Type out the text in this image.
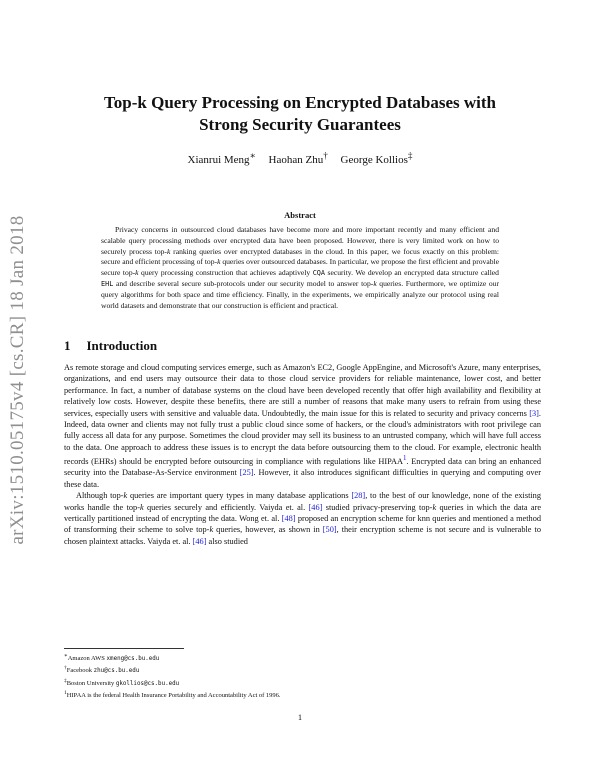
arXiv:1510.05175v4 [cs.CR] 18 Jan 2018
Top-k Query Processing on Encrypted Databases with
Strong Security Guarantees
Xianrui Meng∗ Haohan Zhu† George Kollios‡
Abstract

Privacy concerns in outsourced cloud databases have become more and more important recently and many efficient and scalable query processing methods over encrypted data have been proposed. However, there is very limited work on how to securely process top-k ranking queries over encrypted databases in the cloud. In this paper, we focus exactly on this problem: secure and efficient processing of top-k queries over outsourced databases. In particular, we propose the first efficient and provable secure top-k query processing construction that achieves adaptively CQA security. We develop an encrypted data structure called EHL and describe several secure sub-protocols under our security model to answer top-k queries. Furthermore, we optimize our query algorithms for both space and time efficiency. Finally, in the experiments, we empirically analyze our protocol using real world datasets and demonstrate that our construction is efficient and practical.

1 Introduction

As remote storage and cloud computing services emerge, such as Amazon's EC2, Google AppEngine, and Microsoft's Azure, many enterprises, organizations, and end users may outsource their data to those cloud service providers for reliable maintenance, lower cost, and better performance. In fact, a number of database systems on the cloud have been developed recently that offer high availability and flexibility at relatively low costs. However, despite these benefits, there are still a number of reasons that make many users to refrain from using these services, especially users with sensitive and valuable data. Undoubtedly, the main issue for this is related to security and privacy concerns [3]. Indeed, data owner and clients may not fully trust a public cloud since some of hackers, or the cloud's administrators with root privilege can fully access all data for any purpose. Sometimes the cloud provider may sell its business to an untrusted company, which will have full access to the data. One approach to address these issues is to encrypt the data before outsourcing them to the cloud. For example, electronic health records (EHRs) should be encrypted before outsourcing in compliance with regulations like HIPAA$^1$. Encrypted data can bring an enhanced security into the Database-As-Service environment [25]. However, it also introduces significant difficulties in querying and computing over these data.

Although top-k queries are important query types in many database applications [28], to the best of our knowledge, none of the existing works handle the top-k queries securely and efficiently. Vaiyda et. al. [46] studied privacy-preserving top-k queries in which the data are vertically partitioned instead of encrypting the data. Wong et. al. [48] proposed an encryption scheme for knn queries and mentioned a method of transforming their scheme to solve top-k queries, however, as shown in [50], their encryption scheme is not secure and is vulnerable to chosen plaintext attacks. Vaiyda et. al. [46] also studied

∗Amazon AWS xmeng@cs.bu.edu
†Facebook zhu@cs.bu.edu
‡Boston University gkollios@cs.bu.edu
$^1$HIPAA is the federal Health Insurance Portability and Accountability Act of 1996.
1
